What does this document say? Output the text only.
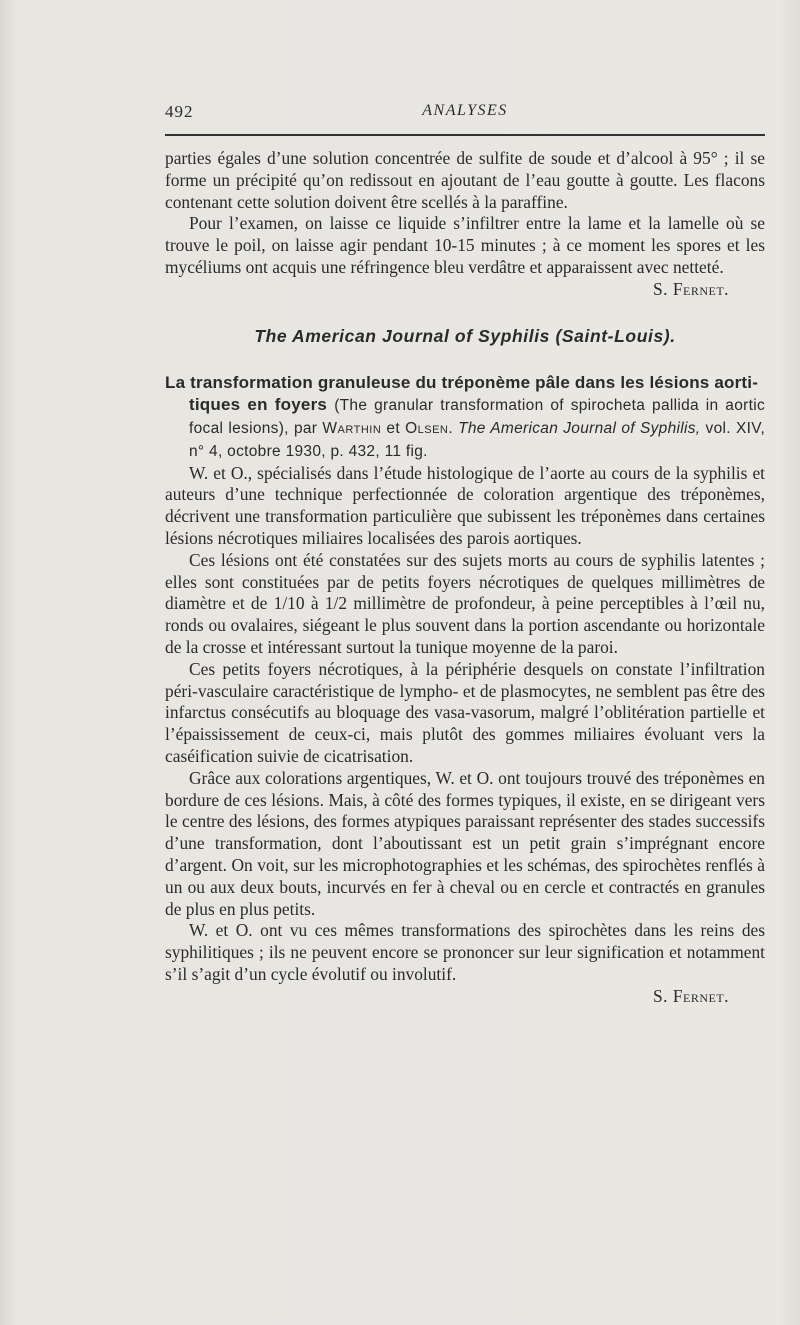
492	ANALYSES

parties égales d’une solution concentrée de sulfite de soude et d’alcool à 95° ; il se forme un précipité qu’on redissout en ajoutant de l’eau goutte à goutte. Les flacons contenant cette solution doivent être scellés à la paraffine.

Pour l’examen, on laisse ce liquide s’infiltrer entre la lame et la lamelle où se trouve le poil, on laisse agir pendant 10-15 minutes ; à ce moment les spores et les mycéliums ont acquis une réfringence bleu verdâtre et apparaissent avec netteté.

S. Fernet.

The American Journal of Syphilis (Saint-Louis).

La transformation granuleuse du tréponème pâle dans les lésions aorti-
tiques en foyers (The granular transformation of spirocheta pallida in aortic focal lesions), par Warthin et Olsen. The American Journal of Syphilis, vol. XIV, n° 4, octobre 1930, p. 432, 11 fig.

W. et O., spécialisés dans l’étude histologique de l’aorte au cours de la syphilis et auteurs d’une technique perfectionnée de coloration argentique des tréponèmes, décrivent une transformation particulière que subissent les tréponèmes dans certaines lésions nécrotiques miliaires localisées des parois aortiques.

Ces lésions ont été constatées sur des sujets morts au cours de syphilis latentes ; elles sont constituées par de petits foyers nécrotiques de quelques millimètres de diamètre et de 1/10 à 1/2 millimètre de profondeur, à peine perceptibles à l’œil nu, ronds ou ovalaires, siégeant le plus souvent dans la portion ascendante ou horizontale de la crosse et intéressant surtout la tunique moyenne de la paroi.

Ces petits foyers nécrotiques, à la périphérie desquels on constate l’infiltration péri-vasculaire caractéristique de lympho- et de plasmocytes, ne semblent pas être des infarctus consécutifs au bloquage des vasa-vasorum, malgré l’oblitération partielle et l’épaississement de ceux-ci, mais plutôt des gommes miliaires évoluant vers la caséification suivie de cicatrisation.

Grâce aux colorations argentiques, W. et O. ont toujours trouvé des tréponèmes en bordure de ces lésions. Mais, à côté des formes typiques, il existe, en se dirigeant vers le centre des lésions, des formes atypiques paraissant représenter des stades successifs d’une transformation, dont l’aboutissant est un petit grain s’imprégnant encore d’argent. On voit, sur les microphotographies et les schémas, des spirochètes renflés à un ou aux deux bouts, incurvés en fer à cheval ou en cercle et contractés en granules de plus en plus petits.

W. et O. ont vu ces mêmes transformations des spirochètes dans les reins des syphilitiques ; ils ne peuvent encore se prononcer sur leur signification et notamment s’il s’agit d’un cycle évolutif ou involutif.

S. Fernet.
